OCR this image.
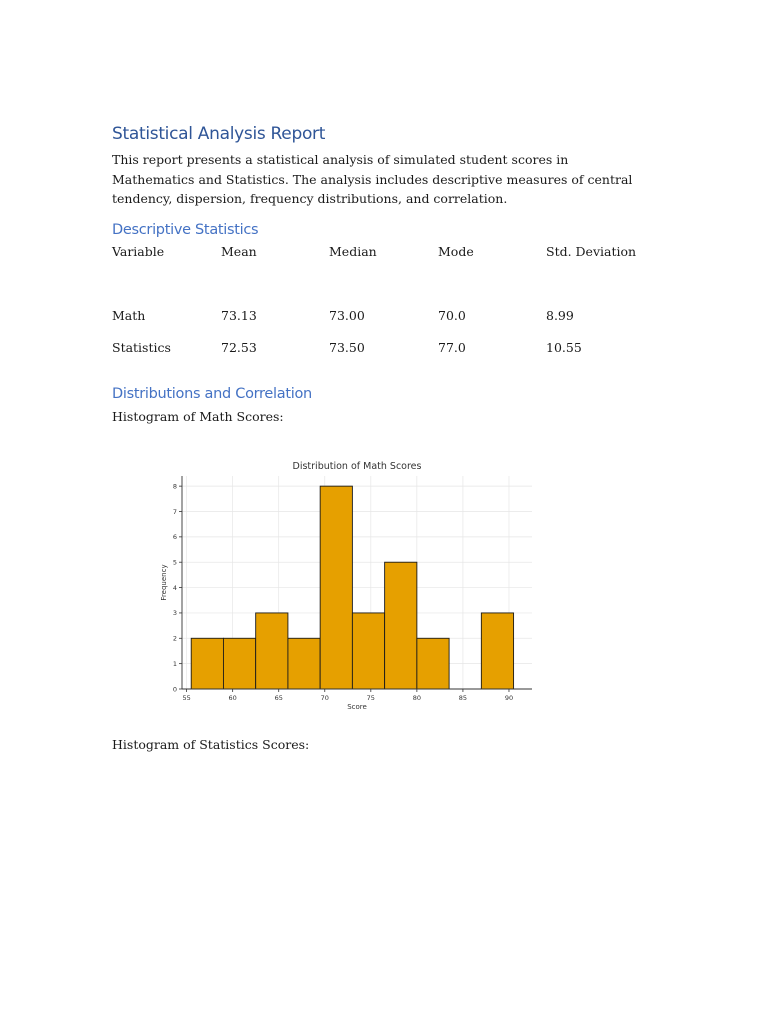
Statistical Analysis Report
This report presents a statistical analysis of simulated student scores in Mathematics and Statistics. The analysis includes descriptive measures of central tendency, dispersion, frequency distributions, and correlation.
Descriptive Statistics
Variable	Mean	Median	Mode	Std. Deviation
Math	73.13	73.00	70.0	8.99
Statistics	72.53	73.50	77.0	10.55
Distributions and Correlation
Histogram of Math Scores:
55	60	65	70	75	80	85	90
0
1
2
3
4
5
6
7
8
Distribution of Math Scores
Score
Frequency
Histogram of Statistics Scores:
